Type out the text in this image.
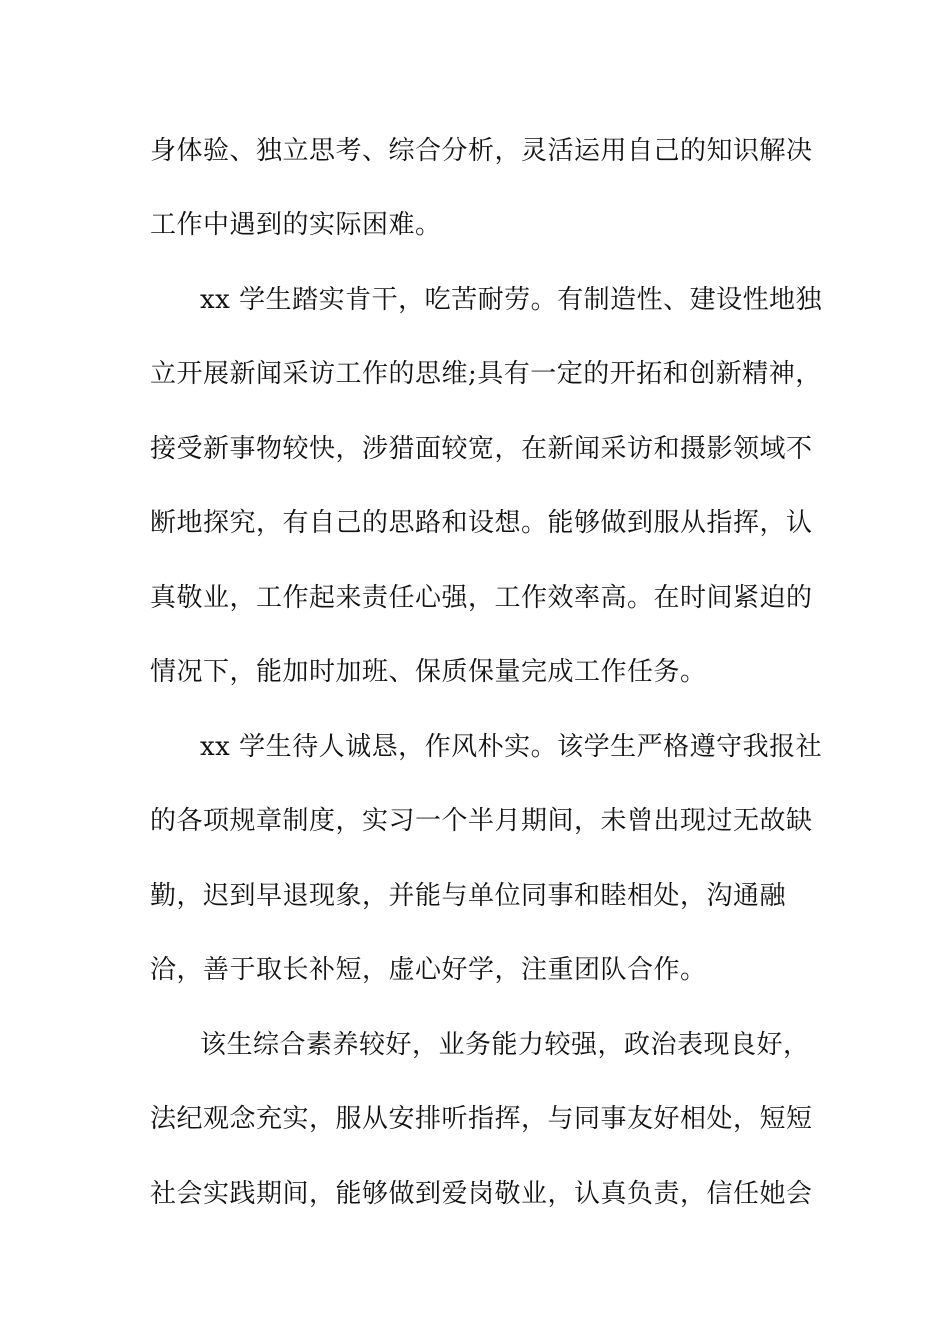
身体验、独立思考、综合分析，灵活运用自己的知识解决
工作中遇到的实际困难。
xx 学生踏实肯干，吃苦耐劳。有制造性、建设性地独
立开展新闻采访工作的思维;具有一定的开拓和创新精神，
接受新事物较快，涉猎面较宽，在新闻采访和摄影领域不
断地探究，有自己的思路和设想。能够做到服从指挥，认
真敬业，工作起来责任心强，工作效率高。在时间紧迫的
情况下，能加时加班、保质保量完成工作任务。
xx 学生待人诚恳，作风朴实。该学生严格遵守我报社
的各项规章制度，实习一个半月期间，未曾出现过无故缺
勤，迟到早退现象，并能与单位同事和睦相处，沟通融
洽，善于取长补短，虚心好学，注重团队合作。
该生综合素养较好，业务能力较强，政治表现良好，
法纪观念充实，服从安排听指挥，与同事友好相处，短短
社会实践期间，能够做到爱岗敬业，认真负责，信任她会
